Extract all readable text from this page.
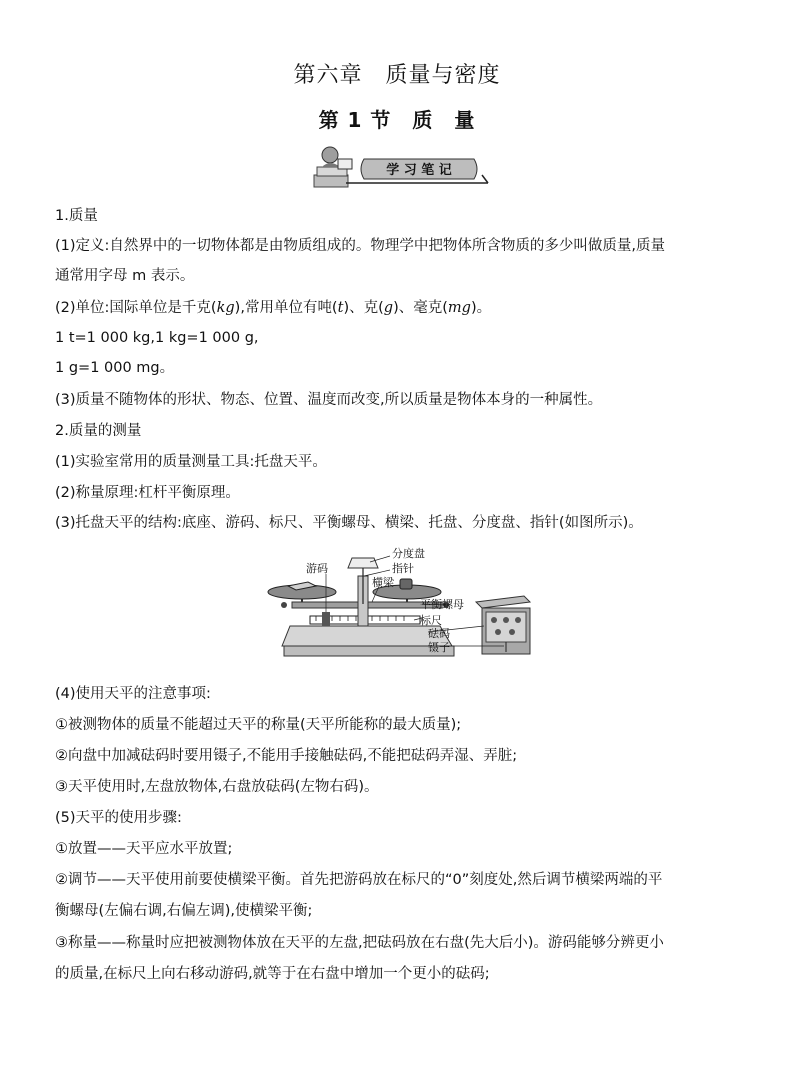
第六章　质量与密度
第 1 节　质　量
学 习 笔 记
1.质量
(1)定义:自然界中的一切物体都是由物质组成的。物理学中把物体所含物质的多少叫做质量,质量
通常用字母 m 表示。
(2)单位:国际单位是千克(kg),常用单位有吨(t)、克(g)、毫克(mg)。
1 t=1 000 kg,1 kg=1 000 g,
1 g=1 000 mg。
(3)质量不随物体的形状、物态、位置、温度而改变,所以质量是物体本身的一种属性。
2.质量的测量
(1)实验室常用的质量测量工具:托盘天平。
(2)称量原理:杠杆平衡原理。
(3)托盘天平的结构:底座、游码、标尺、平衡螺母、横梁、托盘、分度盘、指针(如图所示)。
游码
分度盘
指针
横梁
平衡螺母
标尺
砝码
镊子
(4)使用天平的注意事项:
①被测物体的质量不能超过天平的称量(天平所能称的最大质量);
②向盘中加减砝码时要用镊子,不能用手接触砝码,不能把砝码弄湿、弄脏;
③天平使用时,左盘放物体,右盘放砝码(左物右码)。
(5)天平的使用步骤:
①放置——天平应水平放置;
②调节——天平使用前要使横梁平衡。首先把游码放在标尺的“0”刻度处,然后调节横梁两端的平
衡螺母(左偏右调,右偏左调),使横梁平衡;
③称量——称量时应把被测物体放在天平的左盘,把砝码放在右盘(先大后小)。游码能够分辨更小
的质量,在标尺上向右移动游码,就等于在右盘中增加一个更小的砝码;
